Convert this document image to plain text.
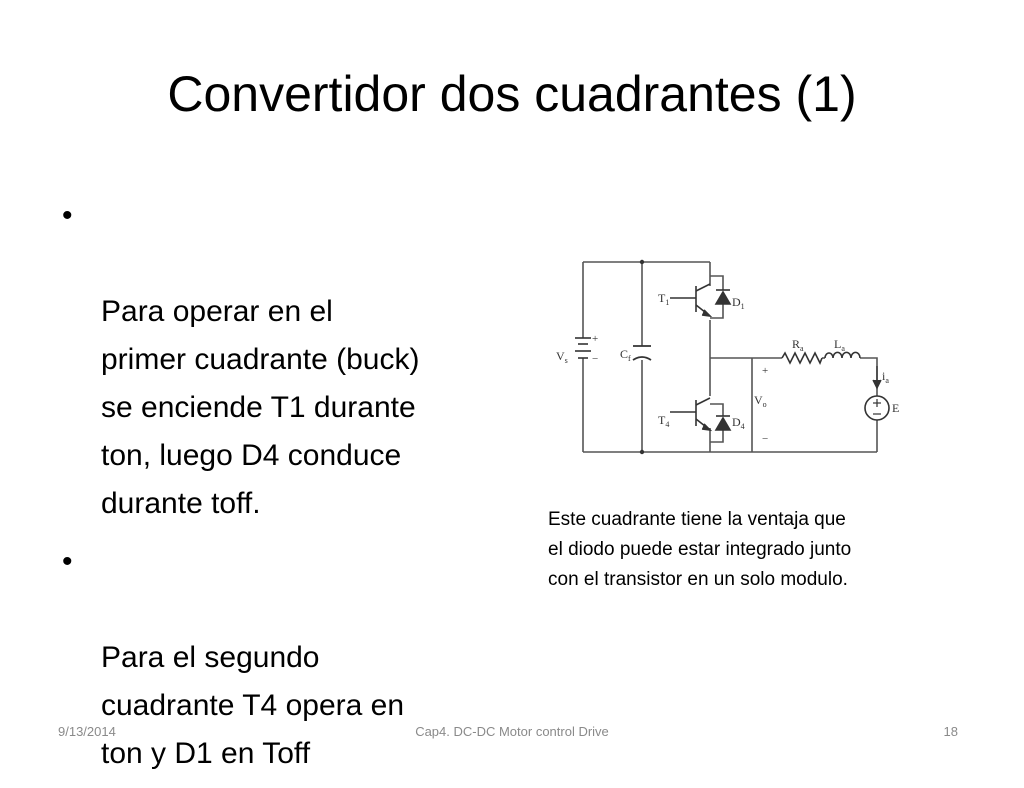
Convertidor dos cuadrantes (1)

•

Para operar en el
primer cuadrante (buck)
se enciende T1 durante
ton, luego D4 conduce
durante toff.

•

Para el segundo
cuadrante T4 opera en
ton y D1 en Toff

$T_1$	$D_1$
$T_4$	$D_4$
$V_s$	$C_f$
$V_o$
$R_a$	$L_a$
$i_a$
E
+
−
+
−
Este cuadrante tiene la ventaja que
el diodo puede estar integrado junto
con el transistor en un solo modulo.
9/13/2014	Cap4. DC-DC Motor control Drive	18
